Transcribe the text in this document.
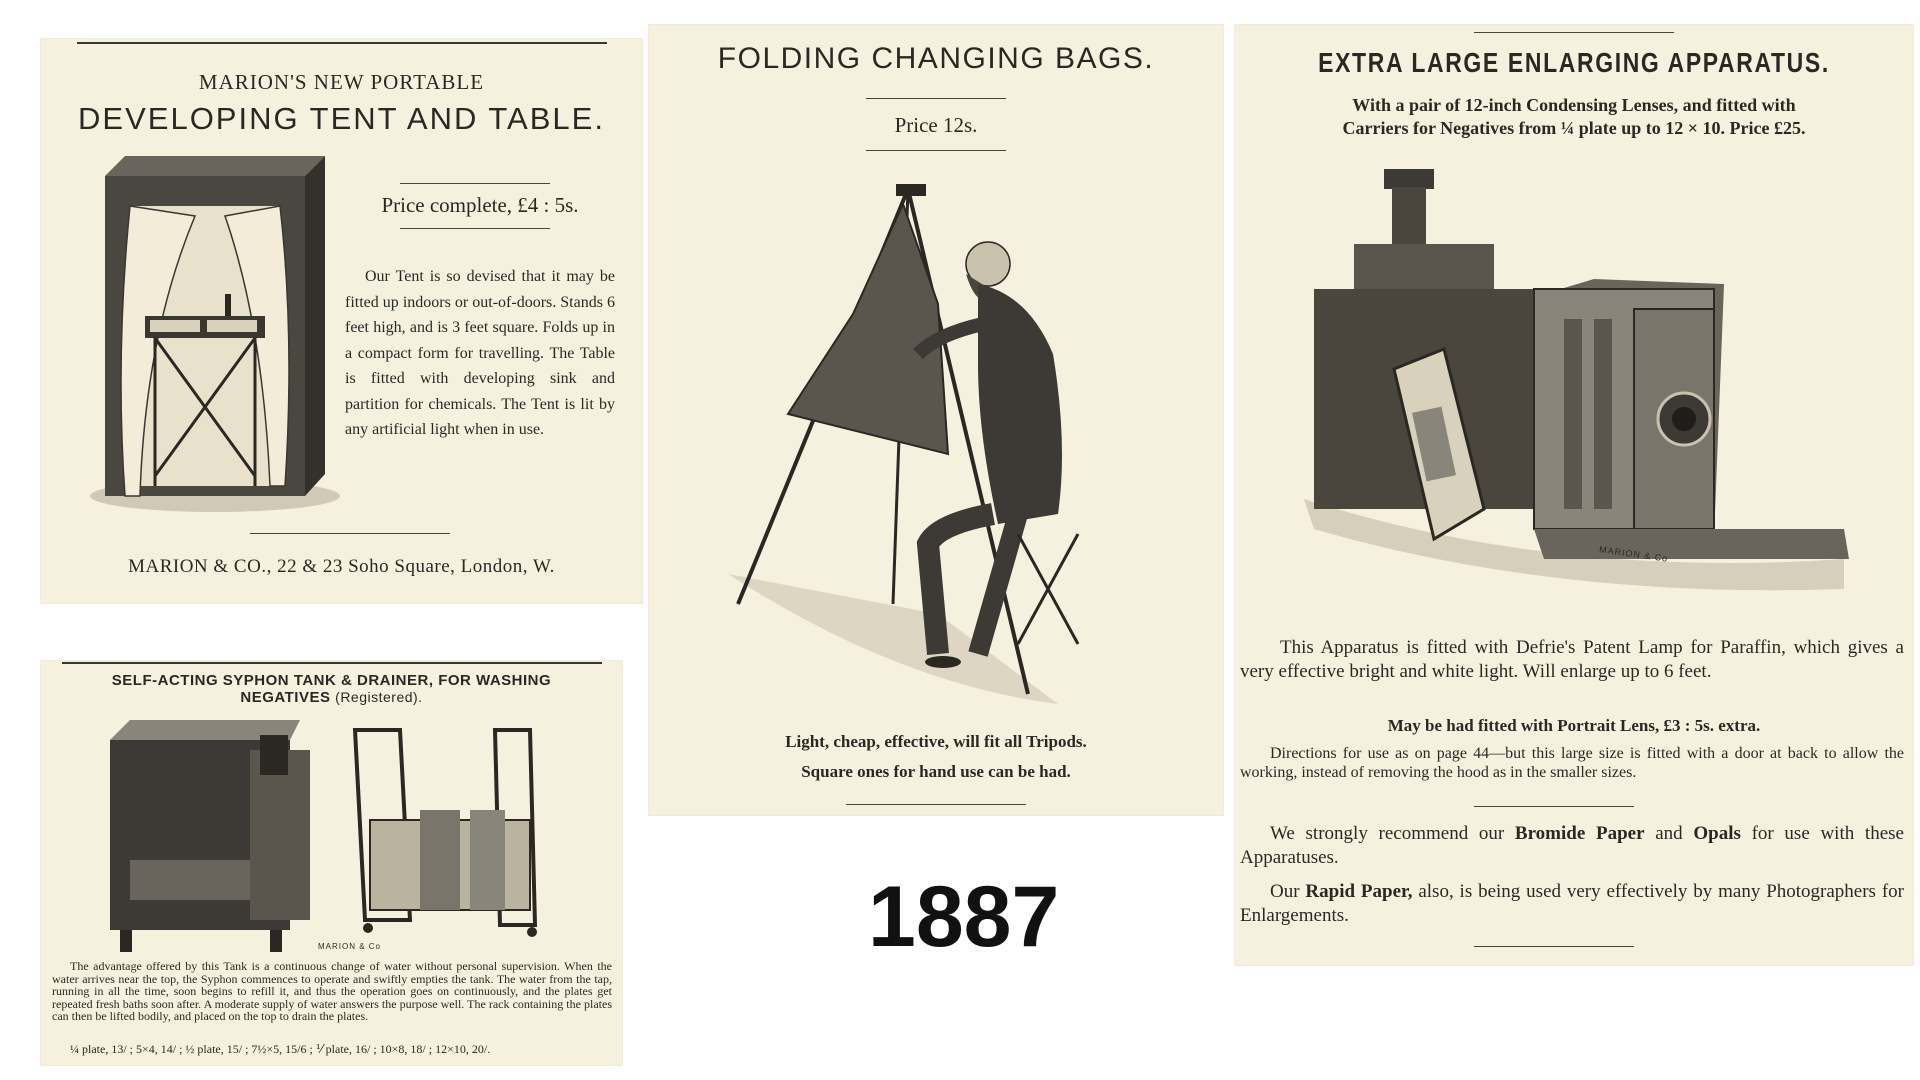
MARION'S NEW PORTABLE

DEVELOPING TENT AND TABLE.

Price complete, £4 : 5s.

Our Tent is so devised that it may be fitted up indoors or out-of-doors. Stands 6 feet high, and is 3 feet square. Folds up in a compact form for travelling. The Table is fitted with developing sink and partition for chemicals. The Tent is lit by any artificial light when in use.

MARION & CO., 22 & 23 Soho Square, London, W.

SELF-ACTING SYPHON TANK & DRAINER, FOR WASHING

NEGATIVES (Registered).

MARION & Co

The advantage offered by this Tank is a continuous change of water without personal supervision. When the water arrives near the top, the Syphon commences to operate and swiftly empties the tank. The water from the tap, running in all the time, soon begins to refill it, and thus the operation goes on continuously, and the plates get repeated fresh baths soon after. A moderate supply of water answers the purpose well. The rack containing the plates can then be lifted bodily, and placed on the top to drain the plates.

¼ plate, 13/ ; 5×4, 14/ ; ½ plate, 15/ ; 7½×5, 15/6 ; ⅟ plate, 16/ ; 10×8, 18/ ; 12×10, 20/.

FOLDING CHANGING BAGS.

Price 12s.

Light, cheap, effective, will fit all Tripods.

Square ones for hand use can be had.

1887

EXTRA LARGE ENLARGING APPARATUS.

With a pair of 12-inch Condensing Lenses, and fitted with

Carriers for Negatives from ¼ plate up to 12 × 10. Price £25.

MARION & Co

This Apparatus is fitted with Defrie's Patent Lamp for Paraffin, which gives a very effective bright and white light. Will enlarge up to 6 feet.

May be had fitted with Portrait Lens, £3 : 5s. extra.

Directions for use as on page 44—but this large size is fitted with a door at back to allow the working, instead of removing the hood as in the smaller sizes.

We strongly recommend our Bromide Paper and Opals for use with these Apparatuses.

Our Rapid Paper, also, is being used very effectively by many Photographers for Enlargements.
